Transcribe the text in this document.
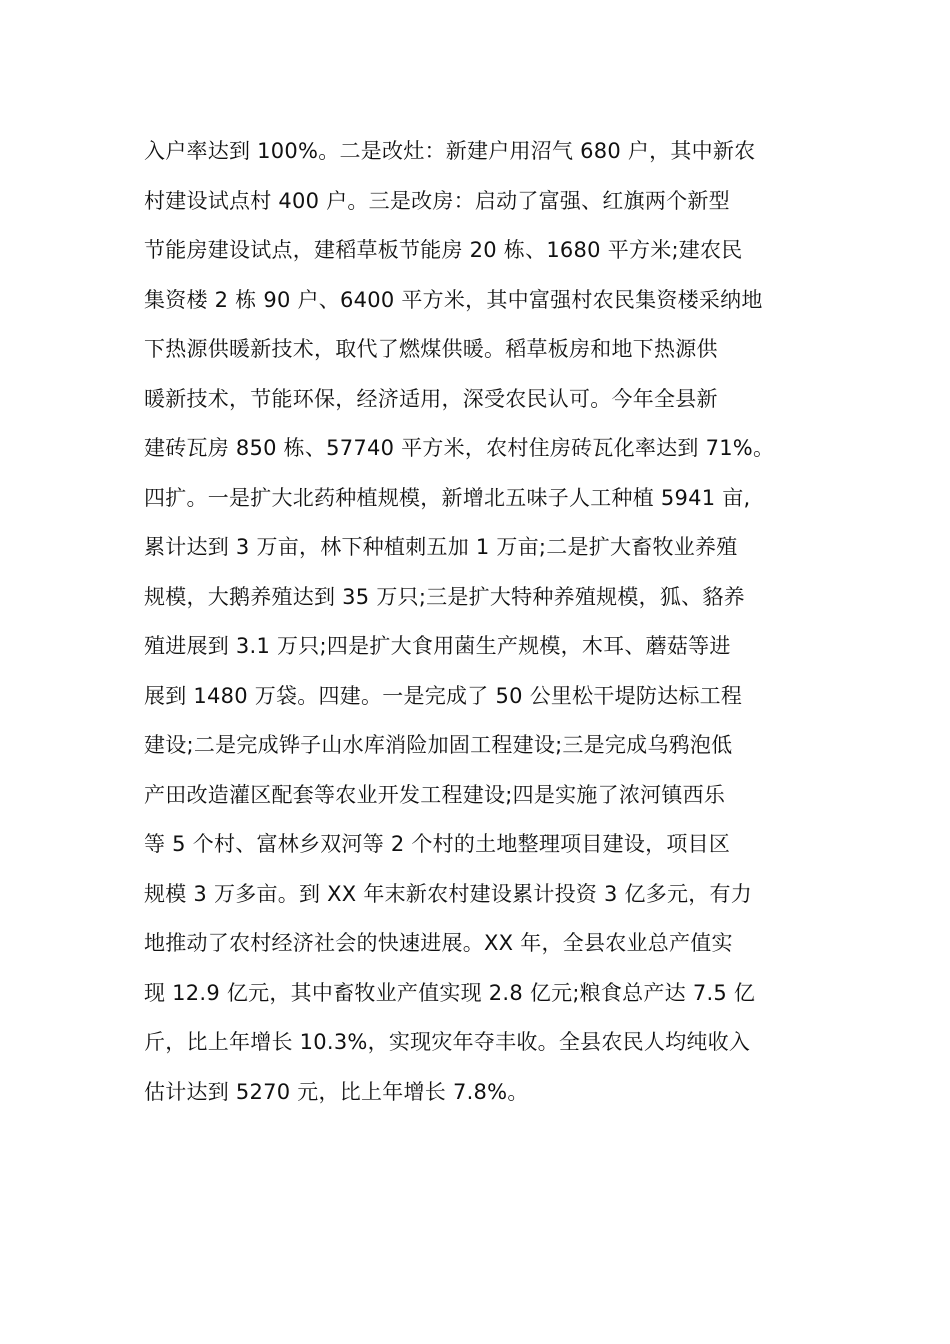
入户率达到 100%。二是改灶：新建户用沼气 680 户，其中新农
村建设试点村 400 户。三是改房：启动了富强、红旗两个新型
节能房建设试点，建稻草板节能房 20 栋、1680 平方米;建农民
集资楼 2 栋 90 户、6400 平方米，其中富强村农民集资楼采纳地
下热源供暖新技术，取代了燃煤供暖。稻草板房和地下热源供
暖新技术，节能环保，经济适用，深受农民认可。今年全县新
建砖瓦房 850 栋、57740 平方米，农村住房砖瓦化率达到 71%。
四扩。一是扩大北药种植规模，新增北五味子人工种植 5941 亩,
累计达到 3 万亩，林下种植刺五加 1 万亩;二是扩大畜牧业养殖
规模，大鹅养殖达到 35 万只;三是扩大特种养殖规模，狐、貉养
殖进展到 3.1 万只;四是扩大食用菌生产规模，木耳、蘑菇等进
展到 1480 万袋。四建。一是完成了 50 公里松干堤防达标工程
建设;二是完成铧子山水库消险加固工程建设;三是完成乌鸦泡低
产田改造灌区配套等农业开发工程建设;四是实施了浓河镇西乐
等 5 个村、富林乡双河等 2 个村的土地整理项目建设，项目区
规模 3 万多亩。到 XX 年末新农村建设累计投资 3 亿多元，有力
地推动了农村经济社会的快速进展。XX 年，全县农业总产值实
现 12.9 亿元，其中畜牧业产值实现 2.8 亿元;粮食总产达 7.5 亿
斤，比上年增长 10.3%，实现灾年夺丰收。全县农民人均纯收入
估计达到 5270 元，比上年增长 7.8%。
